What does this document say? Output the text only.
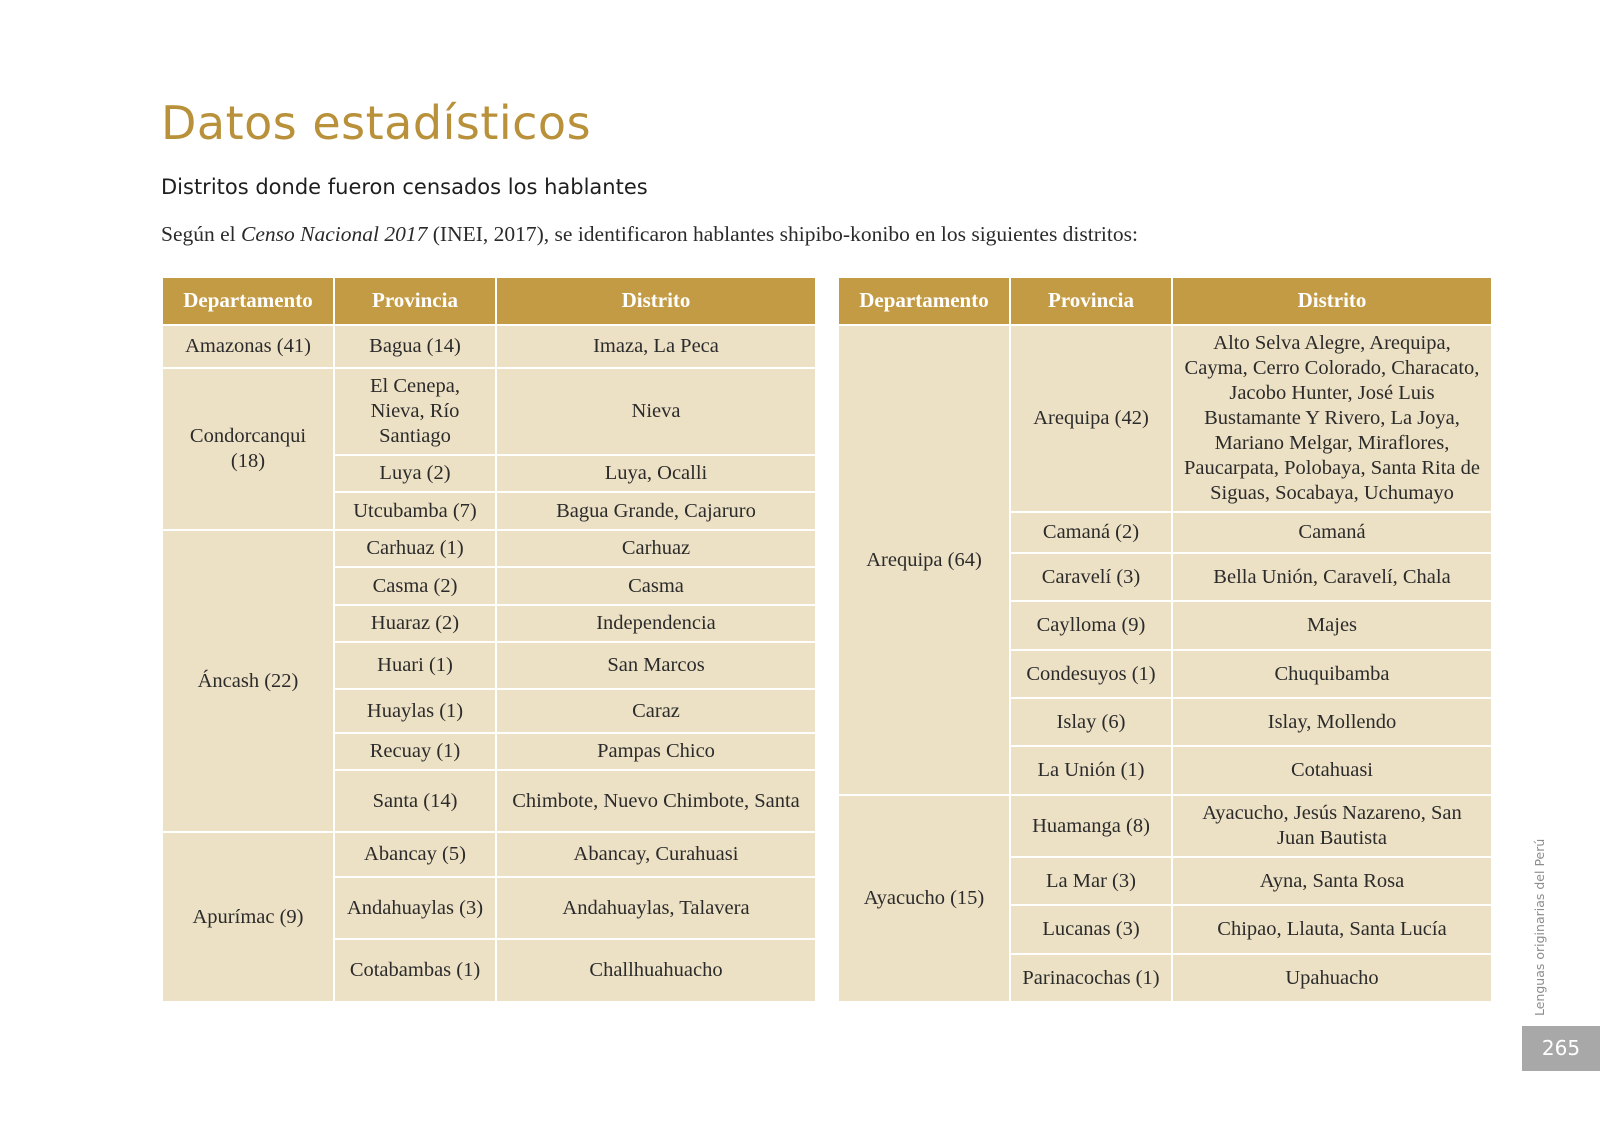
Datos estadísticos
Distritos donde fueron censados los hablantes

Según el Censo Nacional 2017 (INEI, 2017), se identificaron hablantes shipibo-konibo en los siguientes distritos:

Departamento	Provincia	Distrito
Amazonas (41)	Bagua (14)	Imaza, La Peca
Condorcanqui (18)	El Cenepa, Nieva, Río Santiago	Nieva
	Luya (2)	Luya, Ocalli
	Utcubamba (7)	Bagua Grande, Cajaruro
Áncash (22)	Carhuaz (1)	Carhuaz
	Casma (2)	Casma
	Huaraz (2)	Independencia
	Huari (1)	San Marcos
	Huaylas (1)	Caraz
	Recuay (1)	Pampas Chico
	Santa (14)	Chimbote, Nuevo Chimbote, Santa
Apurímac (9)	Abancay (5)	Abancay, Curahuasi
	Andahuaylas (3)	Andahuaylas, Talavera
	Cotabambas (1)	Challhuahuacho
Departamento	Provincia	Distrito
Arequipa (64)	Arequipa (42)	Alto Selva Alegre, Arequipa, Cayma, Cerro Colorado, Characato, Jacobo Hunter, José Luis Bustamante Y Rivero, La Joya, Mariano Melgar, Miraflores, Paucarpata, Polobaya, Santa Rita de Siguas, Socabaya, Uchumayo
	Camaná (2)	Camaná
	Caravelí (3)	Bella Unión, Caravelí, Chala
	Caylloma (9)	Majes
	Condesuyos (1)	Chuquibamba
	Islay (6)	Islay, Mollendo
	La Unión (1)	Cotahuasi
Ayacucho (15)	Huamanga (8)	Ayacucho, Jesús Nazareno, San Juan Bautista
	La Mar (3)	Ayna, Santa Rosa
	Lucanas (3)	Chipao, Llauta, Santa Lucía
	Parinacochas (1)	Upahuacho	Lenguas originarias del Perú
265
